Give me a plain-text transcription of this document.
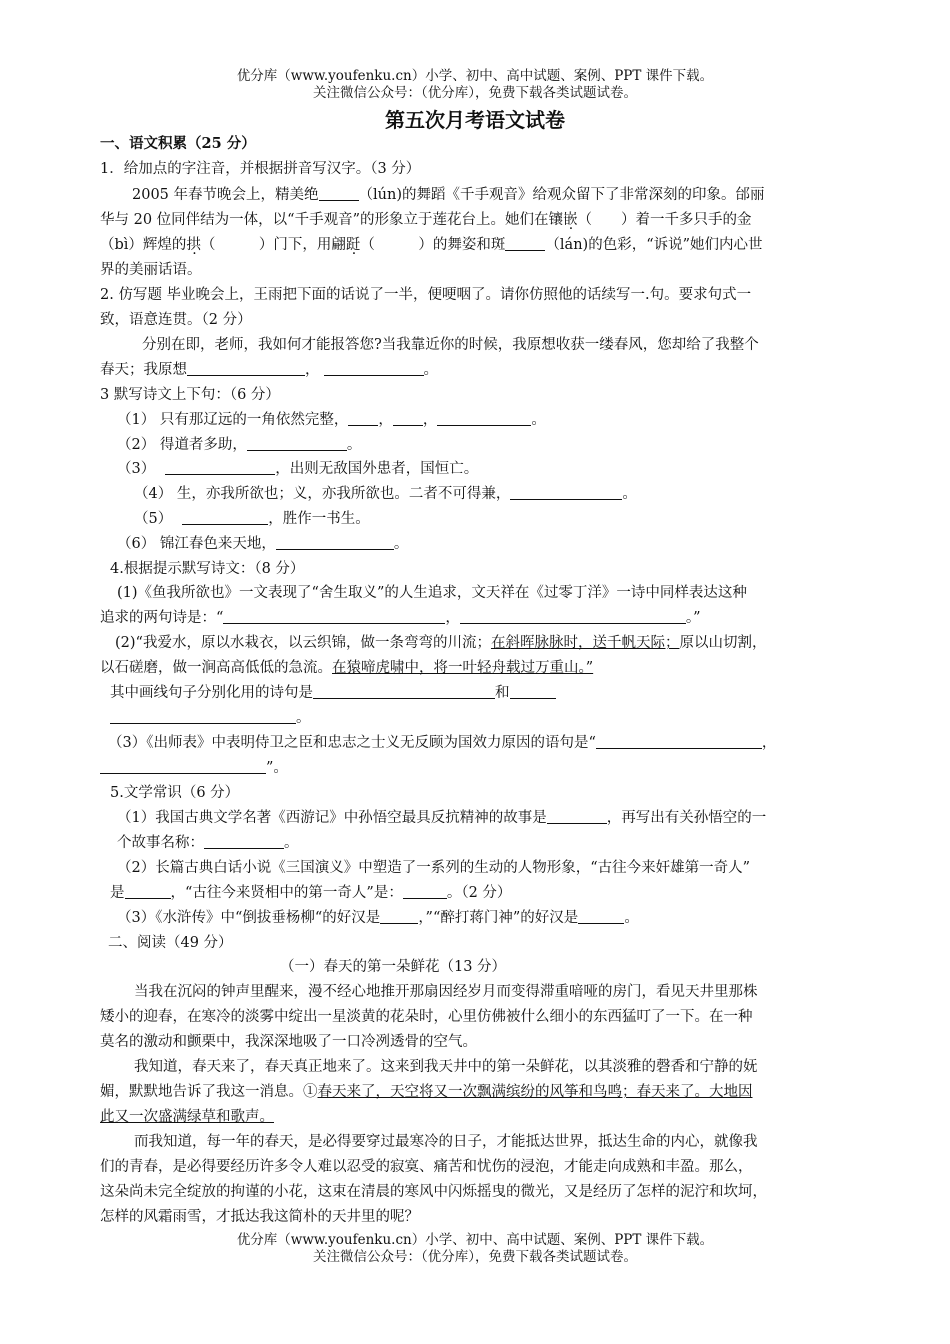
优分库（www.youfenku.cn）小学、初中、高中试题、案例、PPT 课件下载。
关注微信公众号：（优分库），免费下载各类试题试卷。
第五次月考语文试卷
一、语文积累（25 分）
1．给加点的字注音，并根据拼音写汉字。（3 分）
2005 年春节晚会上，精美绝	（lún)的舞蹈《千手观音》给观众留下了非常深刻的印象。邰丽
华与 20 位同伴结为一体，以“千手观音”的形象立于莲花台上。她们在镶嵌（　　）着一千多只手的金
（bì）辉煌的拱（　　　）门下，用翩跹（　　　）的舞姿和斑	（lán)的色彩，“诉说”她们内心世
界的美丽话语。
2. 仿写题 毕业晚会上，王雨把下面的话说了一半，便哽咽了。请你仿照他的话续写一.句。要求句式一
致，语意连贯。（2 分）
分别在即，老师，我如何才能报答您?当我靠近你的时候，我原想收获一缕春风，您却给了我整个
春天；我原想	，	。
3 默写诗文上下句：（6 分）
（1） 只有那辽远的一角依然完整， ， ，	。
（2） 得道者多助，	。
（3）	，出则无敌国外患者，国恒亡。
（4） 生，亦我所欲也；义，亦我所欲也。二者不可得兼，	。
（5）	，胜作一书生。
（6） 锦江春色来天地，	。
4.根据提示默写诗文：（8 分）
(1)《鱼我所欲也》一文表现了“舍生取义”的人生追求，文天祥在《过零丁洋》一诗中同样表达这种
追求的两句诗是：“	，	。”
(2)“我爱水，原以水栽衣，以云织锦，做一条弯弯的川流；在斜晖脉脉时，送千帆天际；原以山切割，
以石磋磨，做一涧高高低低的急流。在猿啼虎啸中，将一叶轻舟载过万重山。”
其中画线句子分别化用的诗句是	和
。
（3）《出师表》中表明侍卫之臣和忠志之士义无反顾为国效力原因的语句是“	，
”。
5.文学常识（6 分）
（1）我国古典文学名著《西游记》中孙悟空最具反抗精神的故事是	，再写出有关孙悟空的一
个故事名称：	。
（2）长篇古典白话小说《三国演义》中塑造了一系列的生动的人物形象，“古往今来奸雄第一奇人”
是	，“古往今来贤相中的第一奇人”是：	。（2 分）
（3）《水浒传》中“倒拔垂杨柳“的好汉是	，”“醉打蒋门神”的好汉是	。
二、阅读（49 分）
（一）春天的第一朵鲜花（13 分）
当我在沉闷的钟声里醒来，漫不经心地推开那扇因经岁月而变得滞重喑哑的房门，看见天井里那株
矮小的迎春，在寒冷的淡雾中绽出一星淡黄的花朵时，心里仿佛被什么细小的东西猛叮了一下。在一种
莫名的激动和颤栗中，我深深地吸了一口冷冽透骨的空气。
我知道，春天来了，春天真正地来了。这来到我天井中的第一朵鲜花，以其淡雅的磬香和宁静的妩
媚，默默地告诉了我这一消息。①春天来了，天空将又一次飘满缤纷的风筝和鸟鸣；春天来了。大地因
此又一次盛满绿草和歌声。
而我知道，每一年的春天，是必得要穿过最寒冷的日子，才能抵达世界，抵达生命的内心，就像我
们的青春，是必得要经历许多令人难以忍受的寂寞、痛苦和忧伤的浸泡，才能走向成熟和丰盈。那么，
这朵尚未完全绽放的拘谨的小花，这束在清晨的寒风中闪烁摇曳的微光，又是经历了怎样的泥泞和坎坷，
怎样的风霜雨雪，才抵达我这简朴的天井里的呢？
优分库（www.youfenku.cn）小学、初中、高中试题、案例、PPT 课件下载。
关注微信公众号：（优分库），免费下载各类试题试卷。
